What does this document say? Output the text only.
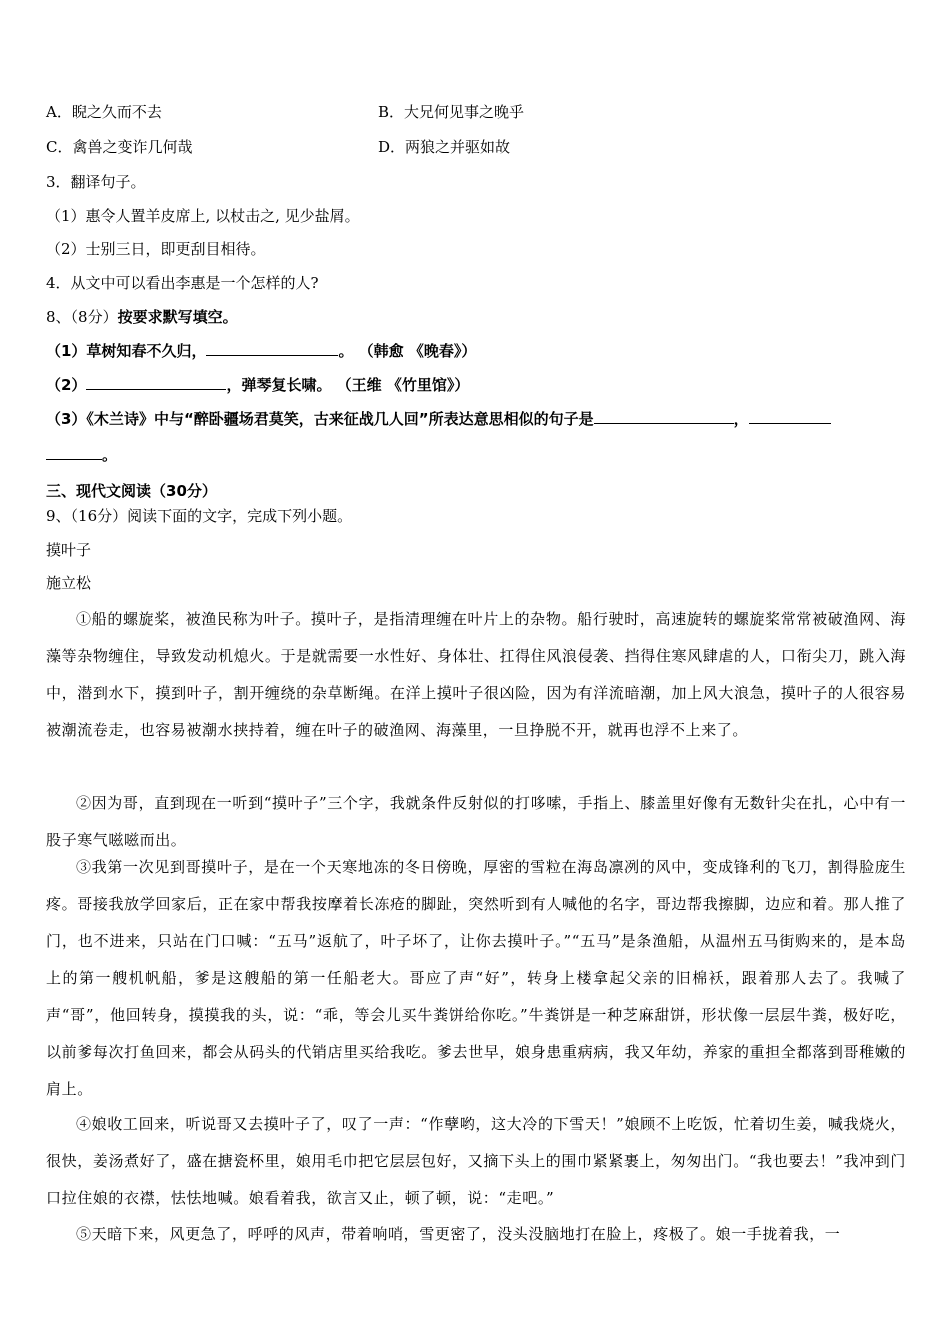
A．睨之久而不去	B．大兄何见事之晚乎
C．禽兽之变诈几何哉	D．两狼之并驱如故
3．翻译句子。
（1）惠令人置羊皮席上, 以杖击之, 见少盐屑。
（2）士别三日，即更刮目相待。
4．从文中可以看出李惠是一个怎样的人?
8、（8分）按要求默写填空。
（1）草树知春不久归，	。 （韩愈 《晚春》）
（2）	，弹琴复长啸。 （王维 《竹里馆》）
（3）《木兰诗》中与“醉卧疆场君莫笑，古来征战几人回”所表达意思相似的句子是	，
。
三、现代文阅读（30分）
9、（16分）阅读下面的文字，完成下列小题。
摸叶子
施立松
①船的螺旋桨，被渔民称为叶子。摸叶子，是指清理缠在叶片上的杂物。船行驶时，高速旋转的螺旋桨常常被破渔网、海藻等杂物缠住，导致发动机熄火。于是就需要一水性好、身体壮、扛得住风浪侵袭、挡得住寒风肆虐的人，口衔尖刀，跳入海中，潜到水下，摸到叶子，割开缠绕的杂草断绳。在洋上摸叶子很凶险，因为有洋流暗潮，加上风大浪急，摸叶子的人很容易被潮流卷走，也容易被潮水挟持着，缠在叶子的破渔网、海藻里，一旦挣脱不开，就再也浮不上来了。
②因为哥，直到现在一听到“摸叶子”三个字，我就条件反射似的打哆嗦，手指上、膝盖里好像有无数针尖在扎，心中有一股子寒气嗞嗞而出。
③我第一次见到哥摸叶子，是在一个天寒地冻的冬日傍晚，厚密的雪粒在海岛凛冽的风中，变成锋利的飞刀，割得脸庞生疼。哥接我放学回家后，正在家中帮我按摩着长冻疮的脚趾，突然听到有人喊他的名字，哥边帮我擦脚，边应和着。那人推了门，也不进来，只站在门口喊：“五马”返航了，叶子坏了，让你去摸叶子。”“五马”是条渔船，从温州五马街购来的，是本岛上的第一艘机帆船，爹是这艘船的第一任船老大。哥应了声“好”，转身上楼拿起父亲的旧棉袄，跟着那人去了。我喊了声“哥”，他回转身，摸摸我的头，说：“乖，等会儿买牛粪饼给你吃。”牛粪饼是一种芝麻甜饼，形状像一层层牛粪，极好吃，以前爹每次打鱼回来，都会从码头的代销店里买给我吃。爹去世早，娘身患重病病，我又年幼，养家的重担全都落到哥稚嫩的肩上。
④娘收工回来，听说哥又去摸叶子了，叹了一声：“作孽哟，这大冷的下雪天！”娘顾不上吃饭，忙着切生姜，喊我烧火，很快，姜汤煮好了，盛在搪瓷杯里，娘用毛巾把它层层包好，又摘下头上的围巾紧紧裹上，匆匆出门。“我也要去！”我冲到门口拉住娘的衣襟，怯怯地喊。娘看着我，欲言又止，顿了顿，说：“走吧。”
⑤天暗下来，风更急了，呼呼的风声，带着响哨，雪更密了，没头没脑地打在脸上，疼极了。娘一手拢着我，一
